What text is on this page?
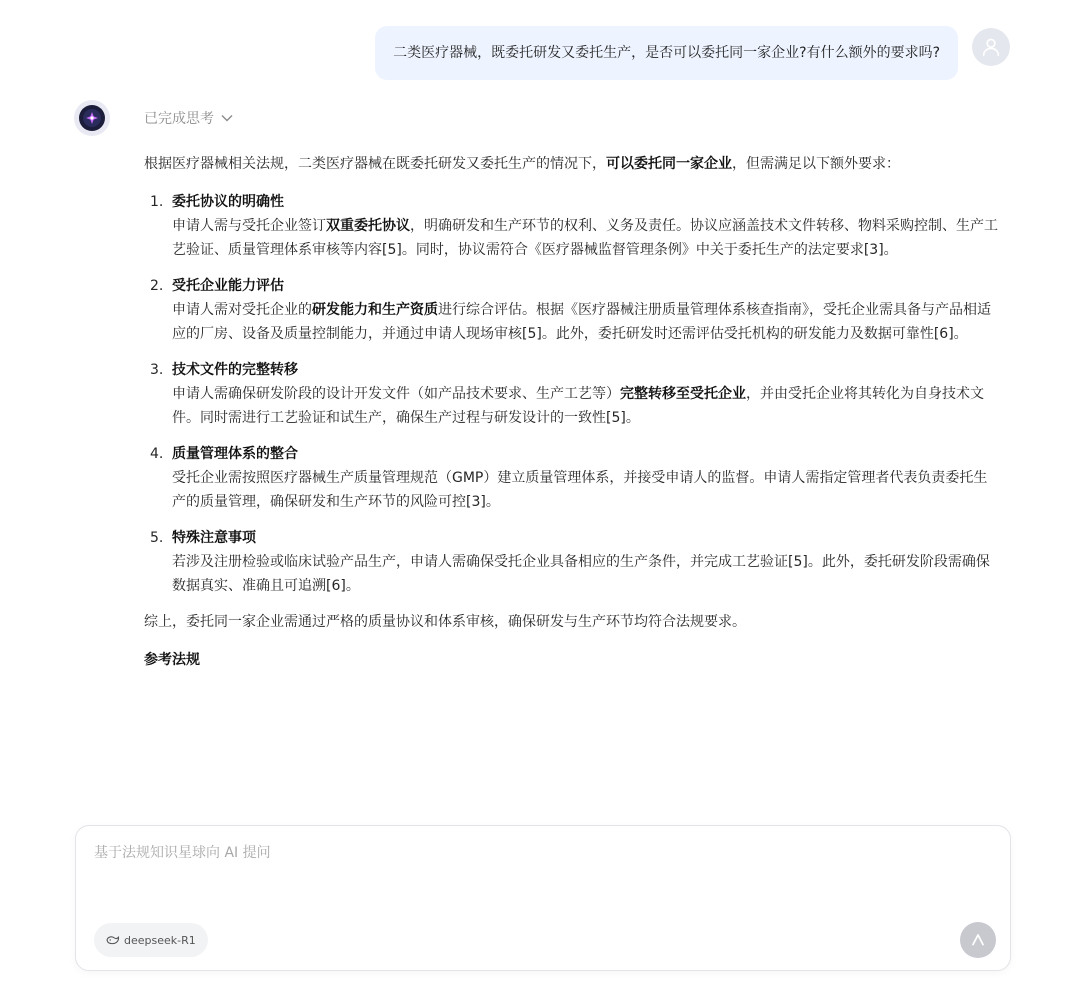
二类医疗器械，既委托研发又委托生产，是否可以委托同一家企业?有什么额外的要求吗?
已完成思考

根据医疗器械相关法规，二类医疗器械在既委托研发又委托生产的情况下，可以委托同一家企业，但需满足以下额外要求：

1. 委托协议的明确性
申请人需与受托企业签订双重委托协议，明确研发和生产环节的权利、义务及责任。协议应涵盖技术文件转移、物料采购控制、生产工艺验证、质量管理体系审核等内容[5]。同时，协议需符合《医疗器械监督管理条例》中关于委托生产的法定要求[3]。
2. 受托企业能力评估
申请人需对受托企业的研发能力和生产资质进行综合评估。根据《医疗器械注册质量管理体系核查指南》，受托企业需具备与产品相适应的厂房、设备及质量控制能力，并通过申请人现场审核[5]。此外，委托研发时还需评估受托机构的研发能力及数据可靠性[6]。
3. 技术文件的完整转移
申请人需确保研发阶段的设计开发文件（如产品技术要求、生产工艺等）完整转移至受托企业，并由受托企业将其转化为自身技术文件。同时需进行工艺验证和试生产，确保生产过程与研发设计的一致性[5]。
4. 质量管理体系的整合
受托企业需按照医疗器械生产质量管理规范（GMP）建立质量管理体系，并接受申请人的监督。申请人需指定管理者代表负责委托生产的质量管理，确保研发和生产环节的风险可控[3]。
5. 特殊注意事项
若涉及注册检验或临床试验产品生产，申请人需确保受托企业具备相应的生产条件，并完成工艺验证[5]。此外，委托研发阶段需确保数据真实、准确且可追溯[6]。

综上，委托同一家企业需通过严格的质量协议和体系审核，确保研发与生产环节均符合法规要求。

参考法规

基于法规知识星球向 AI 提问
deepseek-R1
